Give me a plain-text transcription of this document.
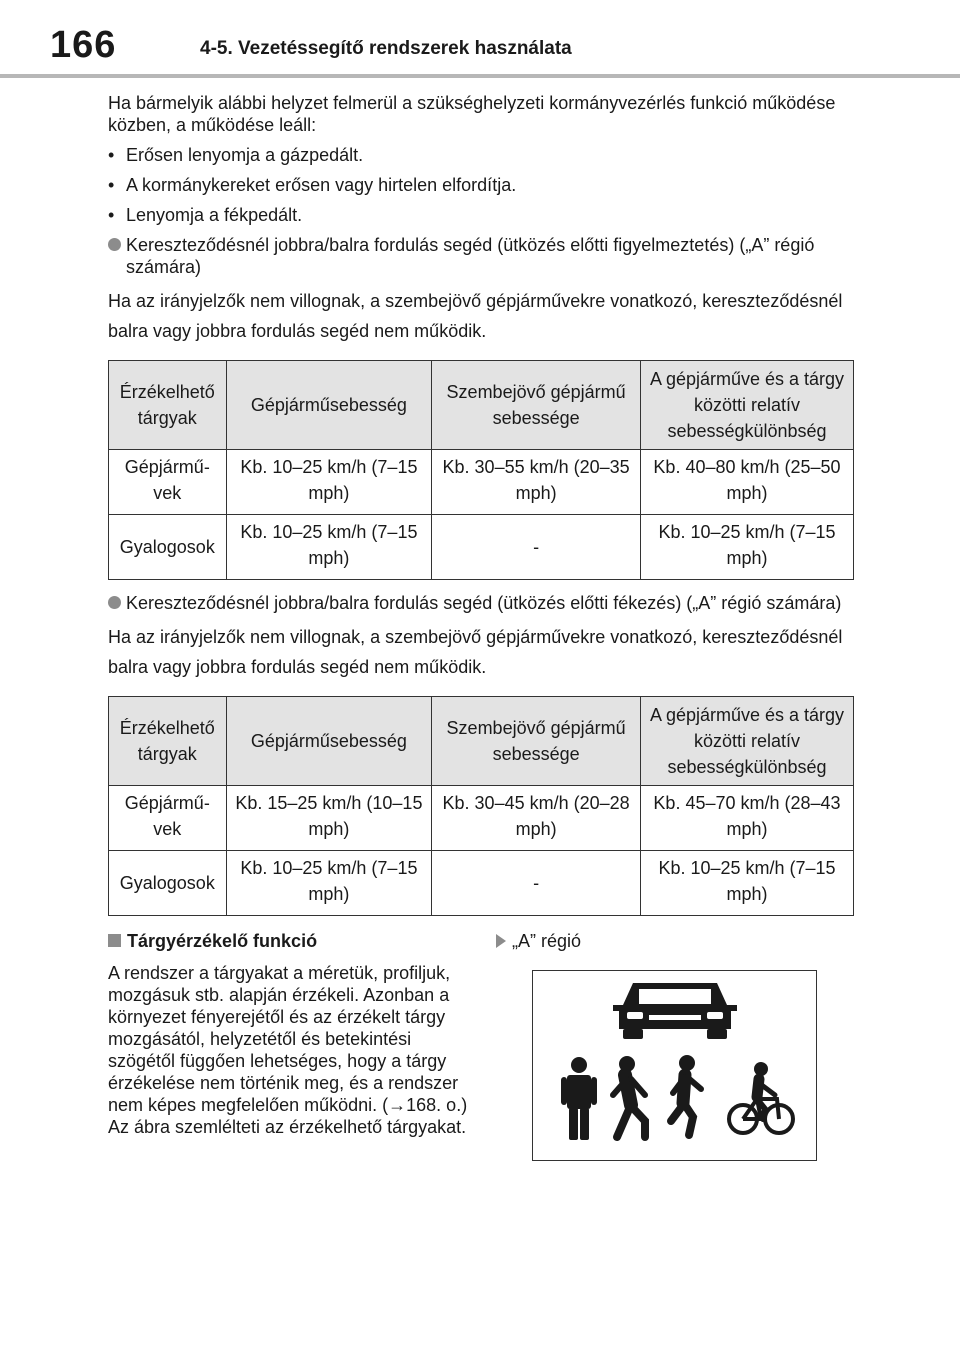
166	4-5. Vezetéssegítő rendszerek használata

Ha bármelyik alábbi helyzet felmerül a szükséghelyzeti kormányvezérlés funkció működése közben, a működése leáll:

• Erősen lenyomja a gázpedált.
• A kormánykereket erősen vagy hirtelen elfordítja.
• Lenyomja a fékpedált.
Kereszteződésnél jobbra/balra fordulás segéd (ütközés előtti figyelmeztetés) („A” régió számára)

Ha az irányjelzők nem villognak, a szembejövő gépjárművekre vonatkozó, kereszteződésnél balra vagy jobbra fordulás segéd nem működik.

Érzékelhető tárgyak	Gépjárműsebesség	Szembejövő gépjármű sebessége	A gépjárműve és a tárgy közötti relatív sebességkülönbség
Gépjárművek	Kb. 10–25 km/h (7–15 mph)	Kb. 30–55 km/h (20–35 mph)	Kb. 40–80 km/h (25–50 mph)
Gyalogosok	Kb. 10–25 km/h (7–15 mph)	-	Kb. 10–25 km/h (7–15 mph)
Kereszteződésnél jobbra/balra fordulás segéd (ütközés előtti fékezés) („A” régió számára)

Ha az irányjelzők nem villognak, a szembejövő gépjárművekre vonatkozó, kereszteződésnél balra vagy jobbra fordulás segéd nem működik.

Érzékelhető tárgyak	Gépjárműsebesség	Szembejövő gépjármű sebessége	A gépjárműve és a tárgy közötti relatív sebességkülönbség
Gépjárművek	Kb. 15–25 km/h (10–15 mph)	Kb. 30–45 km/h (20–28 mph)	Kb. 45–70 km/h (28–43 mph)
Gyalogosok	Kb. 10–25 km/h (7–15 mph)	-	Kb. 10–25 km/h (7–15 mph)
Tárgyérzékelő funkció

A rendszer a tárgyakat a méretük, profiljuk, mozgásuk stb. alapján érzékeli. Azonban a környezet fényerejétől és az érzékelt tárgy mozgásától, helyzetétől és betekintési szögétől függően lehetséges, hogy a tárgy érzékelése nem történik meg, és a rendszer nem képes megfelelően működni. (→168. o.)

Az ábra szemlélteti az érzékelhető tárgyakat.

„A” régió
